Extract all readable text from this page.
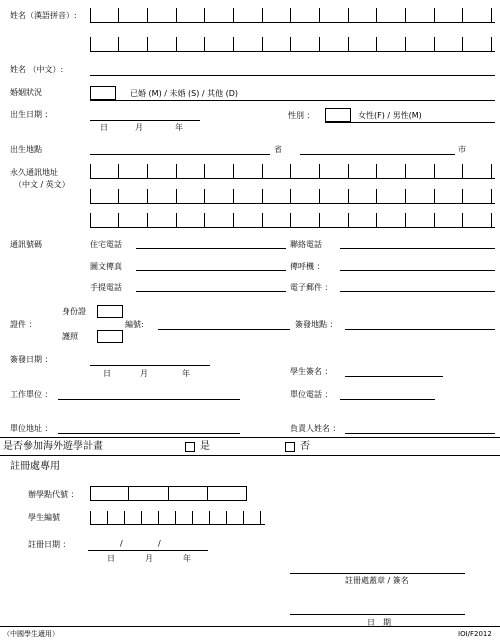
姓名（漢語拼音）:
姓名 （中文）:
婚姻狀況	已婚 (M) / 未婚 (S) / 其他 (D)
出生日期 ：
日	月	年
性別 ：	女性(F) / 男性(M)
出生地點	省	市
永久通訊地址
（中文 / 英文）
通訊號碼	住宅電話	聯絡電話
圖文傳真	傳呼機 ：
手提電話	電子郵件 ：
身份證
證件 ：	編號:	簽發地點 ：
護照
簽發日期 ：
日	月	年	學生簽名 ：
工作單位 ：	單位電話 ：
單位地址 ：	負責人姓名 ：
是否參加海外遊學計畫	是	否
註冊處專用
辦學點代號 ：
學生編號
註冊日期 ：	/	/
日	月	年
註冊處蓋章 / 簽名
日　期
（中國學生適用）	IOI/F2012
